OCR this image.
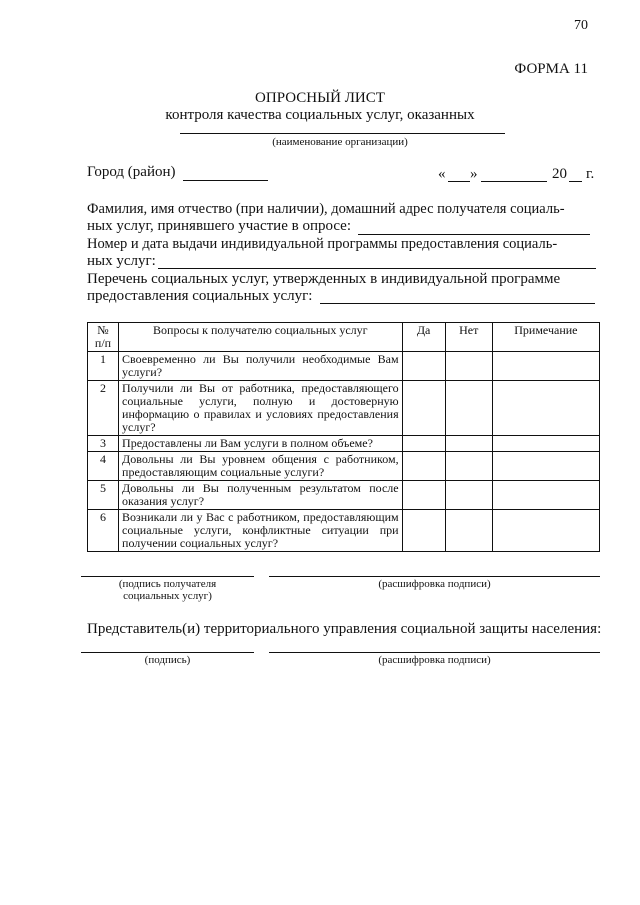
70
ФОРМА 11
ОПРОСНЫЙ ЛИСТ
контроля качества социальных услуг, оказанных
(наименование организации)
Город (район)	« »	20 г.
Фамилия, имя отчество (при наличии), домашний адрес получателя социаль-
ных услуг, принявшего участие в опросе:
Номер и дата выдачи индивидуальной программы предоставления социаль-
ных услуг:
Перечень социальных услуг, утвержденных в индивидуальной программе
предоставления социальных услуг:
№ п/п	Вопросы к получателю социальных услуг	Да	Нет	Примечание
1	Своевременно ли Вы получили необходимые Вам услуги?			
2	Получили ли Вы от работника, предоставляющего социальные услуги, полную и достоверную информацию о правилах и условиях предоставления услуг?			
3	Предоставлены ли Вам услуги в полном объеме?			
4	Довольны ли Вы уровнем общения с работником, предоставляющим социальные услуги?			
5	Довольны ли Вы полученным результатом после оказания услуг?			
6	Возникали ли у Вас с работником, предоставляющим социальные услуги, конфликтные ситуации при получении социальных услуг?			
(подпись получателя
социальных услуг)
(расшифровка подписи)
Представитель(и) территориального управления социальной защиты населения:
(подпись)	(расшифровка подписи)
